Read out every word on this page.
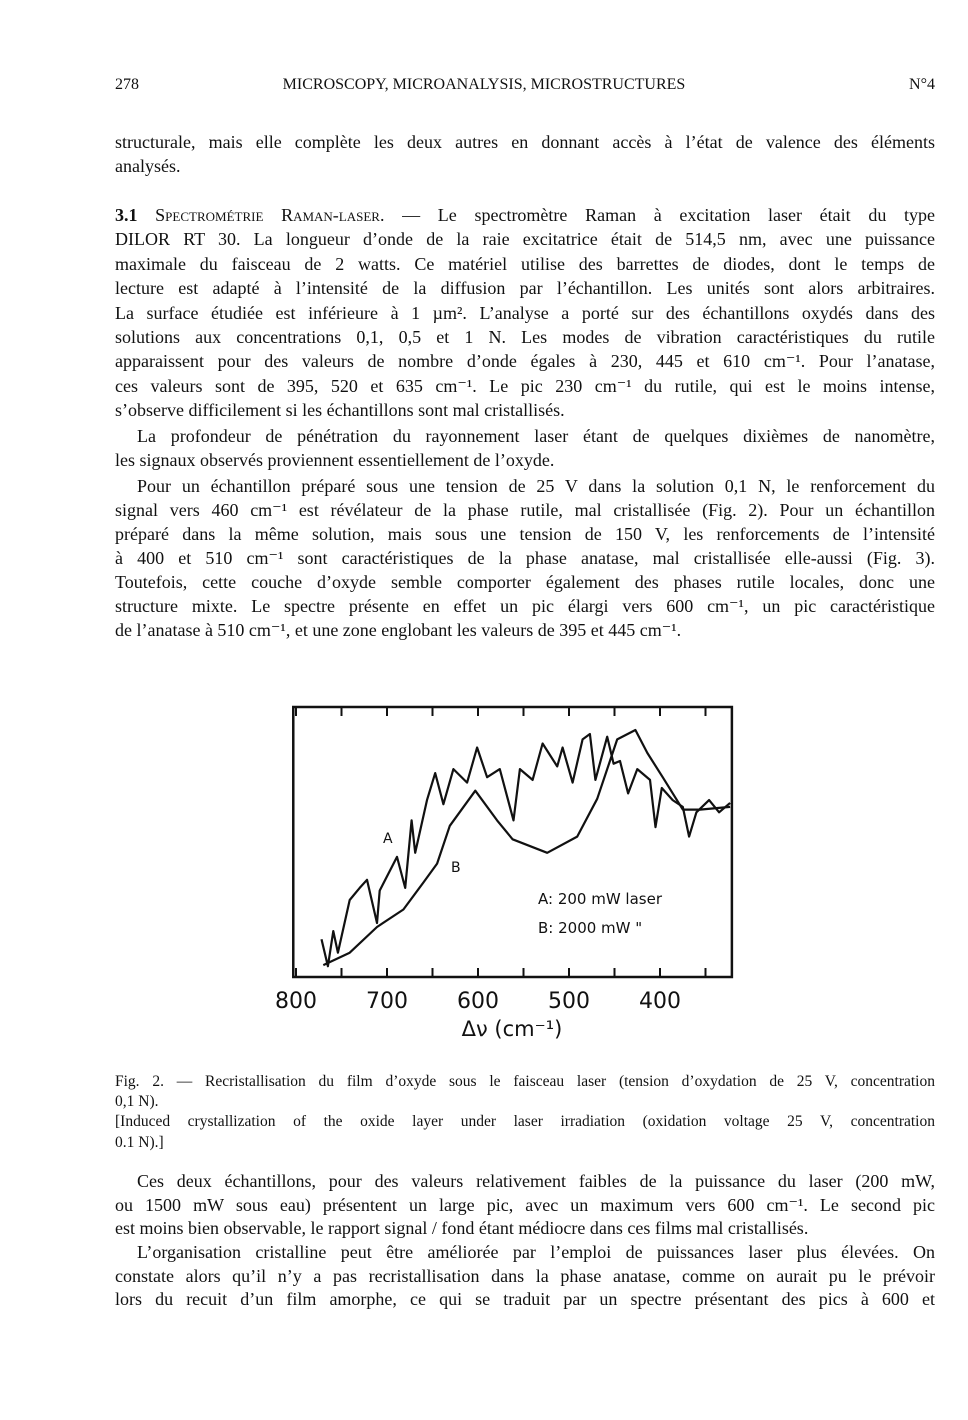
278	MICROSCOPY, MICROANALYSIS, MICROSTRUCTURES	N°4
structurale, mais elle complète les deux autres en donnant accès à l’état de valence des éléments
analysés.
3.1 Spectrométrie Raman-laser. — Le spectromètre Raman à excitation laser était du type
DILOR RT 30. La longueur d’onde de la raie excitatrice était de 514,5 nm, avec une puissance
maximale du faisceau de 2 watts. Ce matériel utilise des barrettes de diodes, dont le temps de
lecture est adapté à l’intensité de la diffusion par l’échantillon. Les unités sont alors arbitraires.
La surface étudiée est inférieure à 1 µm². L’analyse a porté sur des échantillons oxydés dans des
solutions aux concentrations 0,1, 0,5 et 1 N. Les modes de vibration caractéristiques du rutile
apparaissent pour des valeurs de nombre d’onde égales à 230, 445 et 610 cm⁻¹. Pour l’anatase,
ces valeurs sont de 395, 520 et 635 cm⁻¹. Le pic 230 cm⁻¹ du rutile, qui est le moins intense,
s’observe difficilement si les échantillons sont mal cristallisés.
La profondeur de pénétration du rayonnement laser étant de quelques dixièmes de nanomètre,
les signaux observés proviennent essentiellement de l’oxyde.
Pour un échantillon préparé sous une tension de 25 V dans la solution 0,1 N, le renforcement du
signal vers 460 cm⁻¹ est révélateur de la phase rutile, mal cristallisée (Fig. 2). Pour un échantillon
préparé dans la même solution, mais sous une tension de 150 V, les renforcements de l’intensité
à 400 et 510 cm⁻¹ sont caractéristiques de la phase anatase, mal cristallisée elle-aussi (Fig. 3).
Toutefois, cette couche d’oxyde semble comporter également des phases rutile locales, donc une
structure mixte. Le spectre présente en effet un pic élargi vers 600 cm⁻¹, un pic caractéristique
de l’anatase à 510 cm⁻¹, et une zone englobant les valeurs de 395 et 445 cm⁻¹.
800 700 600 500 400
Δν (cm⁻¹)
A
B
A: 200 mW laser
B: 2000 mW "
Fig. 2. — Recristallisation du film d’oxyde sous le faisceau laser (tension d’oxydation de 25 V, concentration
0,1 N).
[Induced crystallization of the oxide layer under laser irradiation (oxidation voltage 25 V, concentration
0.1 N).]
Ces deux échantillons, pour des valeurs relativement faibles de la puissance du laser (200 mW,
ou 1500 mW sous eau) présentent un large pic, avec un maximum vers 600 cm⁻¹. Le second pic
est moins bien observable, le rapport signal / fond étant médiocre dans ces films mal cristallisés.
L’organisation cristalline peut être améliorée par l’emploi de puissances laser plus élevées. On
constate alors qu’il n’y a pas recristallisation dans la phase anatase, comme on aurait pu le prévoir
lors du recuit d’un film amorphe, ce qui se traduit par un spectre présentant des pics à 600 et
